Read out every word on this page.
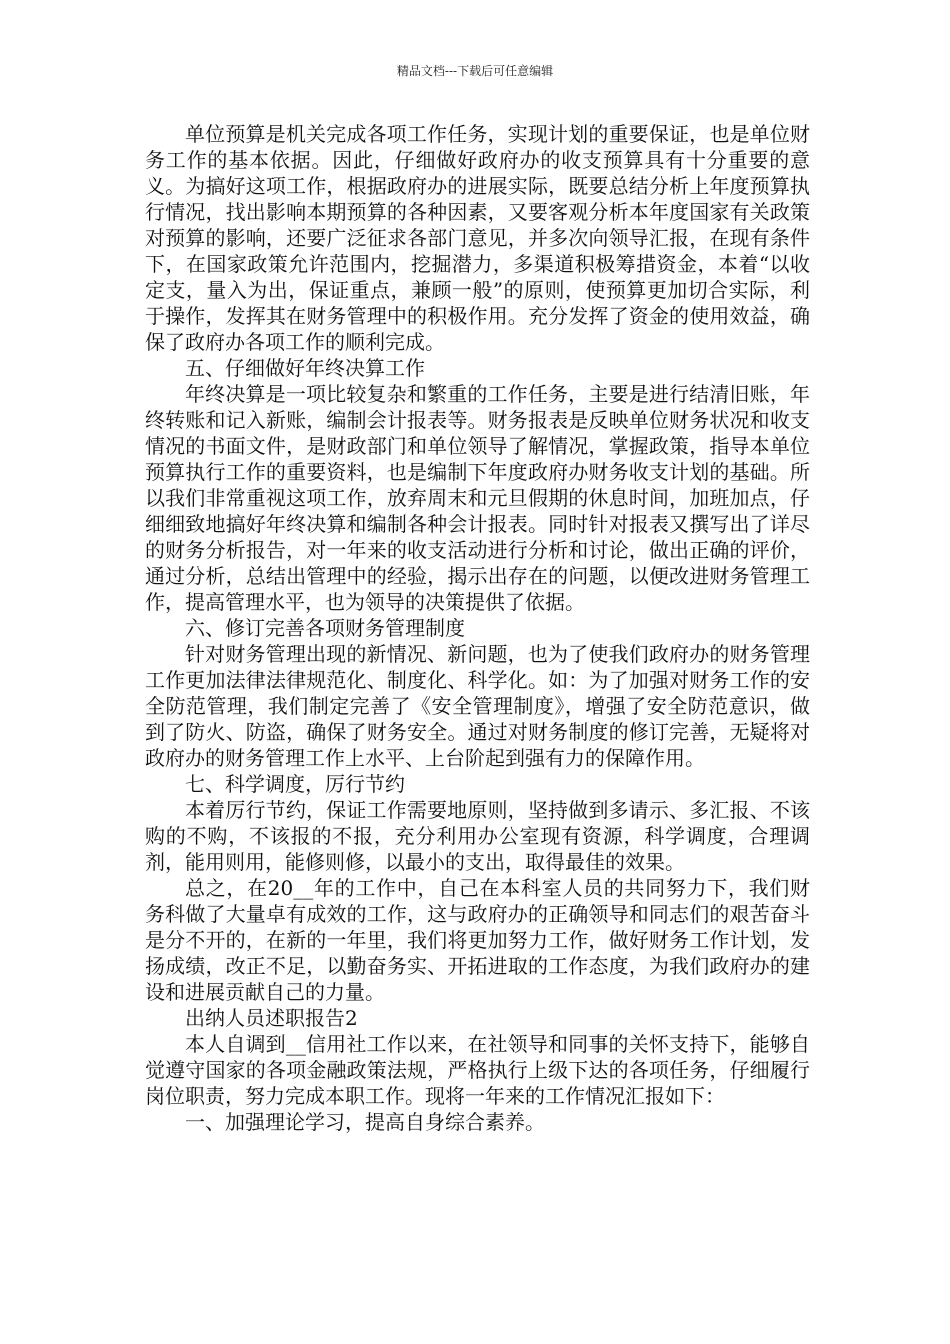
精品文档---下载后可任意编辑

单位预算是机关完成各项工作任务，实现计划的重要保证，也是单位财务工作的基本依据。因此，仔细做好政府办的收支预算具有十分重要的意义。为搞好这项工作，根据政府办的进展实际，既要总结分析上年度预算执行情况，找出影响本期预算的各种因素，又要客观分析本年度国家有关政策对预算的影响，还要广泛征求各部门意见，并多次向领导汇报，在现有条件下，在国家政策允许范围内，挖掘潜力，多渠道积极筹措资金，本着“以收定支，量入为出，保证重点，兼顾一般”的原则，使预算更加切合实际，利于操作，发挥其在财务管理中的积极作用。充分发挥了资金的使用效益，确保了政府办各项工作的顺利完成。

五、仔细做好年终决算工作

年终决算是一项比较复杂和繁重的工作任务，主要是进行结清旧账，年终转账和记入新账，编制会计报表等。财务报表是反映单位财务状况和收支情况的书面文件，是财政部门和单位领导了解情况，掌握政策，指导本单位预算执行工作的重要资料，也是编制下年度政府办财务收支计划的基础。所以我们非常重视这项工作，放弃周末和元旦假期的休息时间，加班加点，仔细细致地搞好年终决算和编制各种会计报表。同时针对报表又撰写出了详尽的财务分析报告，对一年来的收支活动进行分析和讨论，做出正确的评价，通过分析，总结出管理中的经验，揭示出存在的问题，以便改进财务管理工作，提高管理水平，也为领导的决策提供了依据。

六、修订完善各项财务管理制度

针对财务管理出现的新情况、新问题，也为了使我们政府办的财务管理工作更加法律法律规范化、制度化、科学化。如：为了加强对财务工作的安全防范管理，我们制定完善了《安全管理制度》，增强了安全防范意识，做到了防火、防盗，确保了财务安全。通过对财务制度的修订完善，无疑将对政府办的财务管理工作上水平、上台阶起到强有力的保障作用。

七、科学调度，厉行节约

本着厉行节约，保证工作需要地原则，坚持做到多请示、多汇报、不该购的不购，不该报的不报，充分利用办公室现有资源，科学调度，合理调剂，能用则用，能修则修，以最小的支出，取得最佳的效果。

总之，在20__年的工作中，自己在本科室人员的共同努力下，我们财务科做了大量卓有成效的工作，这与政府办的正确领导和同志们的艰苦奋斗是分不开的，在新的一年里，我们将更加努力工作，做好财务工作计划，发扬成绩，改正不足，以勤奋务实、开拓进取的工作态度，为我们政府办的建设和进展贡献自己的力量。

出纳人员述职报告2

本人自调到__信用社工作以来，在社领导和同事的关怀支持下，能够自觉遵守国家的各项金融政策法规，严格执行上级下达的各项任务，仔细履行岗位职责，努力完成本职工作。现将一年来的工作情况汇报如下：

一、加强理论学习，提高自身综合素养。
